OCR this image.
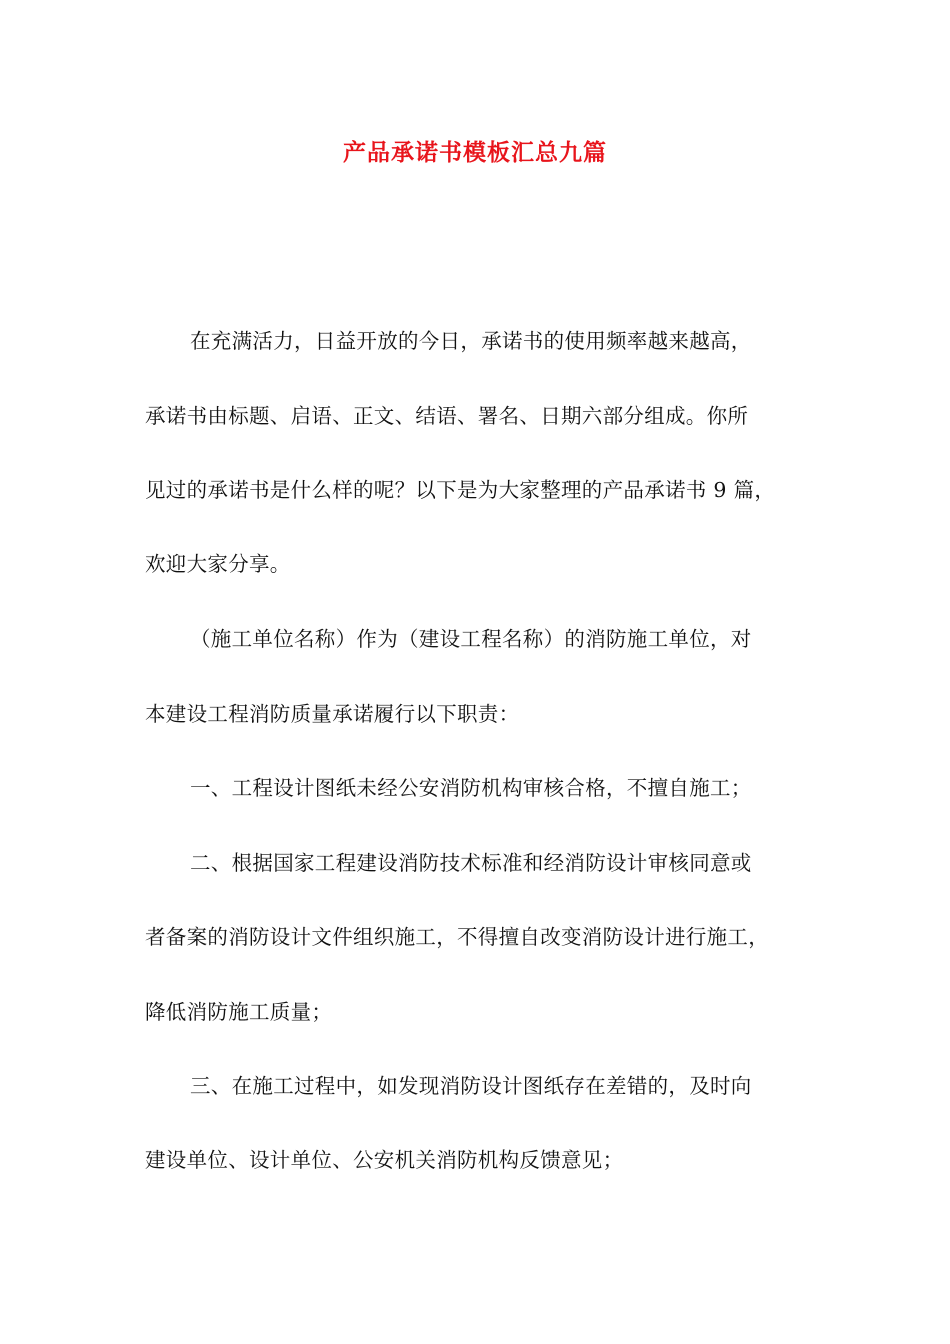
产品承诺书模板汇总九篇
在充满活力，日益开放的今日，承诺书的使用频率越来越高，
承诺书由标题、启语、正文、结语、署名、日期六部分组成。你所
见过的承诺书是什么样的呢？以下是为大家整理的产品承诺书 9 篇，
欢迎大家分享。
（施工单位名称）作为（建设工程名称）的消防施工单位，对
本建设工程消防质量承诺履行以下职责：
一、工程设计图纸未经公安消防机构审核合格，不擅自施工；
二、根据国家工程建设消防技术标准和经消防设计审核同意或
者备案的消防设计文件组织施工，不得擅自改变消防设计进行施工，
降低消防施工质量；
三、在施工过程中，如发现消防设计图纸存在差错的，及时向
建设单位、设计单位、公安机关消防机构反馈意见；
